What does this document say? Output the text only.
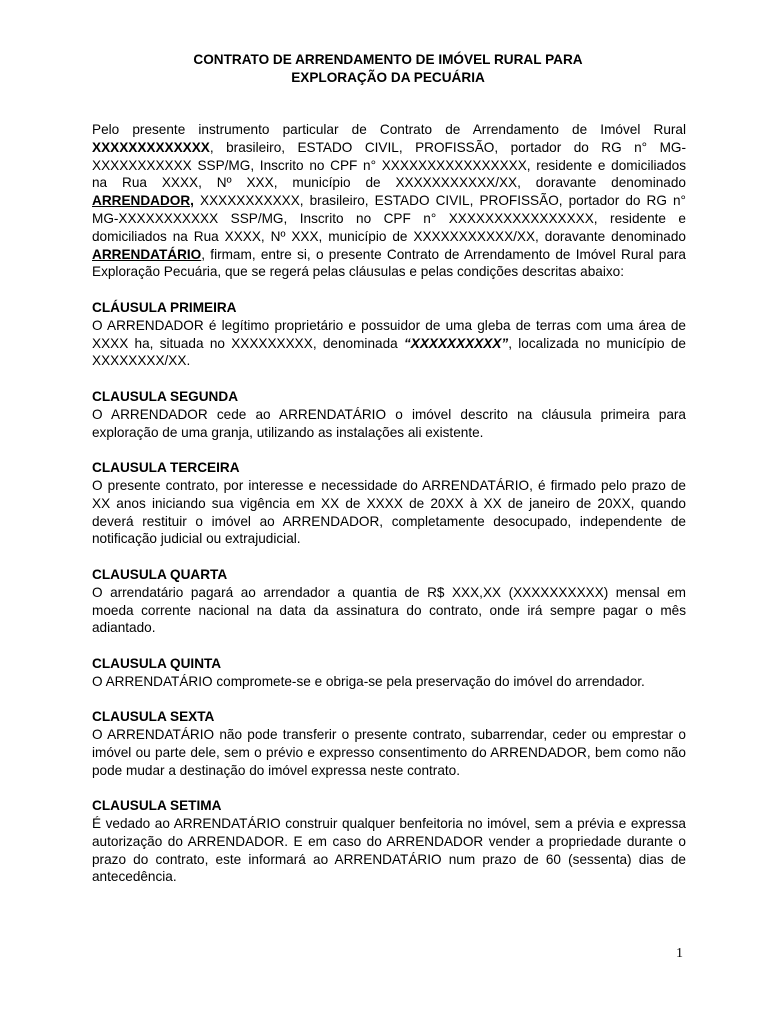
CONTRATO DE ARRENDAMENTO DE IMÓVEL RURAL PARA
EXPLORAÇÃO DA PECUÁRIA

Pelo presente instrumento particular de Contrato de Arrendamento de Imóvel Rural XXXXXXXXXXXXX, brasileiro, ESTADO CIVIL, PROFISSÃO, portador do RG n° MG-XXXXXXXXXXX SSP/MG, Inscrito no CPF n° XXXXXXXXXXXXXXXX, residente e domiciliados na Rua XXXX, Nº XXX, município de XXXXXXXXXXX/XX, doravante denominado ARRENDADOR, XXXXXXXXXXX, brasileiro, ESTADO CIVIL, PROFISSÃO, portador do RG n° MG-XXXXXXXXXXX SSP/MG, Inscrito no CPF n° XXXXXXXXXXXXXXXX, residente e domiciliados na Rua XXXX, Nº XXX, município de XXXXXXXXXXX/XX, doravante denominado ARRENDATÁRIO, firmam, entre si, o presente Contrato de Arrendamento de Imóvel Rural para Exploração Pecuária, que se regerá pelas cláusulas e pelas condições descritas abaixo:

CLÁUSULA PRIMEIRA

O ARRENDADOR é legítimo proprietário e possuidor de uma gleba de terras com uma área de XXXX ha, situada no XXXXXXXXX, denominada “XXXXXXXXXX”, localizada no município de XXXXXXXX/XX.

CLAUSULA SEGUNDA

O ARRENDADOR cede ao ARRENDATÁRIO o imóvel descrito na cláusula primeira para exploração de uma granja, utilizando as instalações ali existente.

CLAUSULA TERCEIRA

O presente contrato, por interesse e necessidade do ARRENDATÁRIO, é firmado pelo prazo de XX anos iniciando sua vigência em XX de XXXX de 20XX à XX de janeiro de 20XX, quando deverá restituir o imóvel ao ARRENDADOR, completamente desocupado, independente de notificação judicial ou extrajudicial.

CLAUSULA QUARTA

O arrendatário pagará ao arrendador a quantia de R$ XXX,XX (XXXXXXXXXX) mensal em moeda corrente nacional na data da assinatura do contrato, onde irá sempre pagar o mês adiantado.

CLAUSULA QUINTA

O ARRENDATÁRIO compromete-se e obriga-se pela preservação do imóvel do arrendador.

CLAUSULA SEXTA

O ARRENDATÁRIO não pode transferir o presente contrato, subarrendar, ceder ou emprestar o imóvel ou parte dele, sem o prévio e expresso consentimento do ARRENDADOR, bem como não pode mudar a destinação do imóvel expressa neste contrato.

CLAUSULA SETIMA

É vedado ao ARRENDATÁRIO construir qualquer benfeitoria no imóvel, sem a prévia e expressa autorização do ARRENDADOR. E em caso do ARRENDADOR vender a propriedade durante o prazo do contrato, este informará ao ARRENDATÁRIO num prazo de 60 (sessenta) dias de antecedência.

1
